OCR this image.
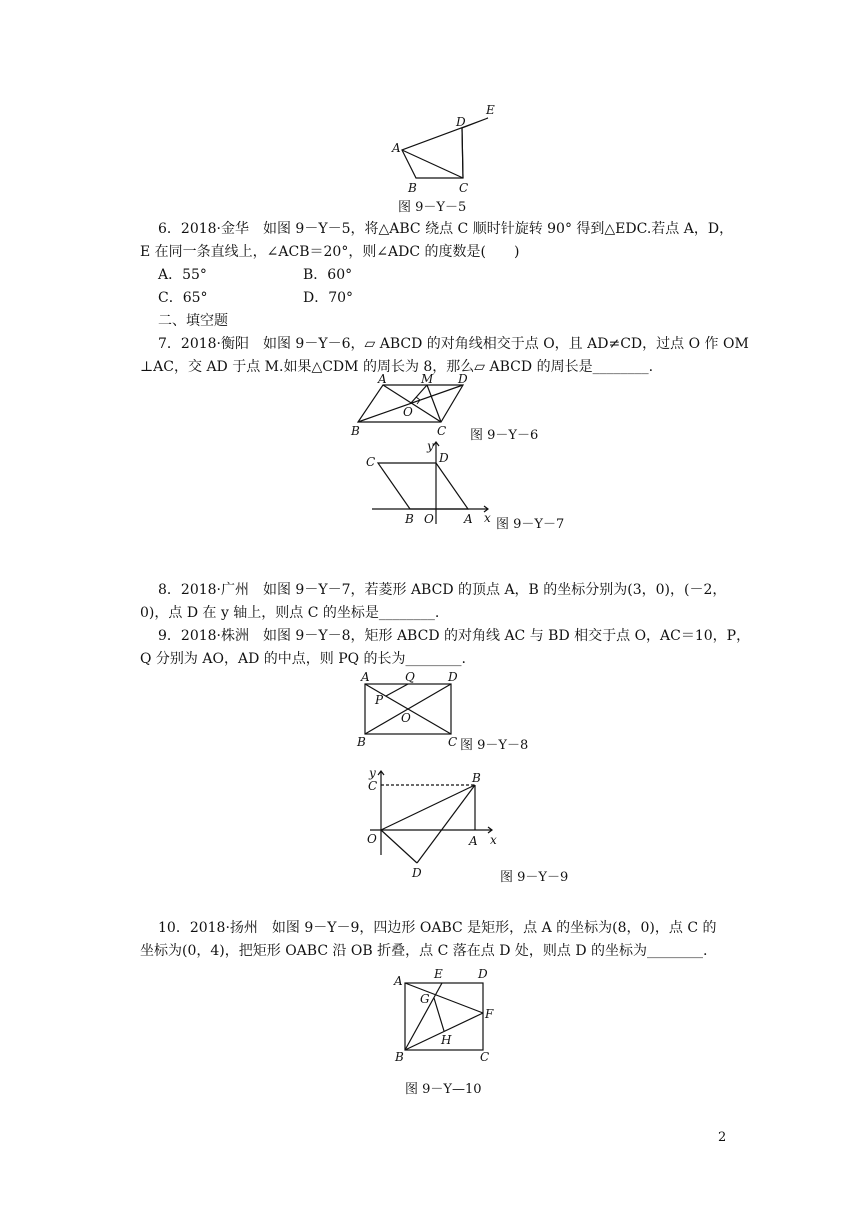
A
B	C
D
E
图 9－Y－5
6．2018·金华　如图 9－Y－5，将△ABC 绕点 C 顺时针旋转 90° 得到△EDC.若点 A，D，
E 在同一条直线上，∠ACB＝20°，则∠ADC 的度数是(　　)
A．55°	B．60°
C．65°	D．70°
二、填空题
7．2018·衡阳　如图 9－Y－6，▱ ABCD 的对角线相交于点 O，且 AD≠CD，过点 O 作 OM
⊥AC，交 AD 于点 M.如果△CDM 的周长为 8，那么▱ ABCD 的周长是________.
A	M D
O
B	C 图 9－Y－6
C
y
D
B O	A x 图 9－Y－7
8．2018·广州　如图 9－Y－7，若菱形 ABCD 的顶点 A，B 的坐标分别为(3，0)，(－2，
0)，点 D 在 y 轴上，则点 C 的坐标是________.
9．2018·株洲　如图 9－Y－8，矩形 ABCD 的对角线 AC 与 BD 相交于点 O，AC＝10，P，
Q 分别为 AO，AD 的中点，则 PQ 的长为________.
A	Q	D
P
O
B	C 图 9－Y－8
y
C
B
O	A x
D	图 9－Y－9
10．2018·扬州　如图 9－Y－9，四边形 OABC 是矩形，点 A 的坐标为(8，0)，点 C 的
坐标为(0，4)，把矩形 OABC 沿 OB 折叠，点 C 落在点 D 处，则点 D 的坐标为________.
A	E	D
G
F
H
B	C
图 9－Y—10
2
